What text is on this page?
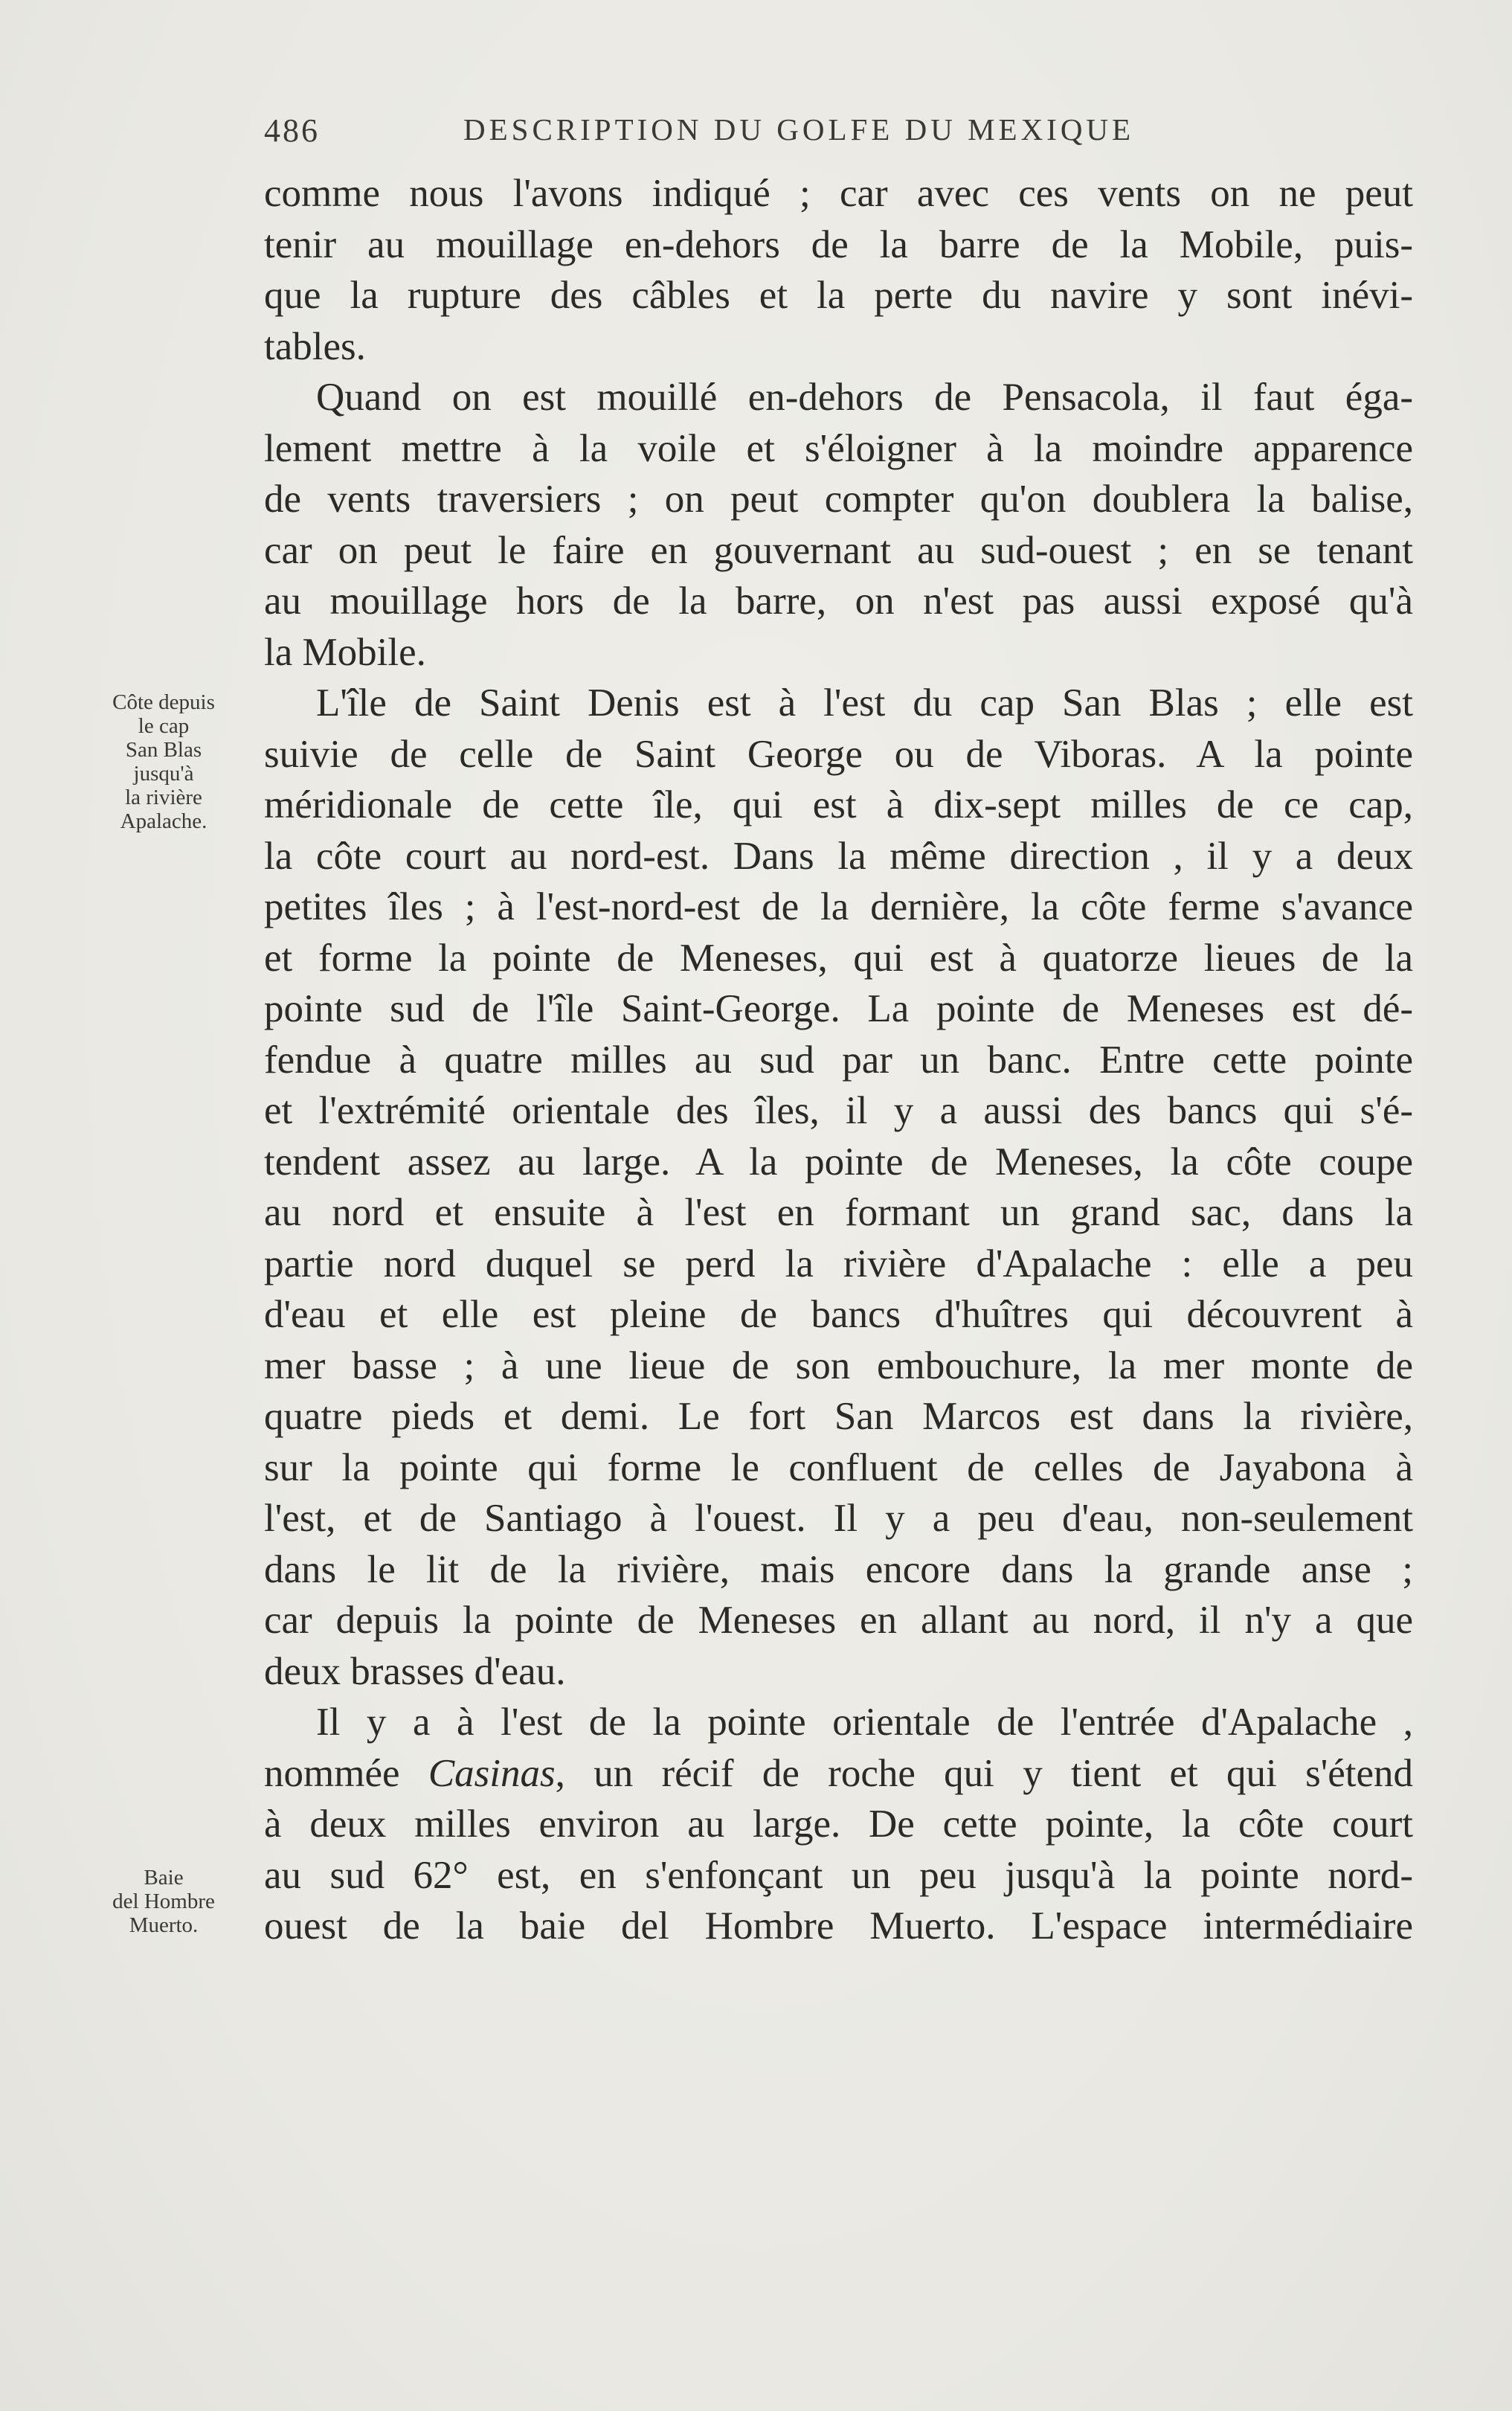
486	DESCRIPTION DU GOLFE DU MEXIQUE
Côte depuis
le cap
San Blas
jusqu'à
la rivière
Apalache.
Baie
del Hombre
Muerto.
comme nous l'avons indiqué ; car avec ces vents on ne peut
tenir au mouillage en-dehors de la barre de la Mobile, puis-
que la rupture des câbles et la perte du navire y sont inévi-
tables.
Quand on est mouillé en-dehors de Pensacola, il faut éga-
lement mettre à la voile et s'éloigner à la moindre apparence
de vents traversiers ; on peut compter qu'on doublera la balise,
car on peut le faire en gouvernant au sud-ouest ; en se tenant
au mouillage hors de la barre, on n'est pas aussi exposé qu'à
la Mobile.
L'île de Saint Denis est à l'est du cap San Blas ; elle est
suivie de celle de Saint George ou de Viboras. A la pointe
méridionale de cette île, qui est à dix-sept milles de ce cap,
la côte court au nord-est. Dans la même direction , il y a deux
petites îles ; à l'est-nord-est de la dernière, la côte ferme s'avance
et forme la pointe de Meneses, qui est à quatorze lieues de la
pointe sud de l'île Saint-George. La pointe de Meneses est dé-
fendue à quatre milles au sud par un banc. Entre cette pointe
et l'extrémité orientale des îles, il y a aussi des bancs qui s'é-
tendent assez au large. A la pointe de Meneses, la côte coupe
au nord et ensuite à l'est en formant un grand sac, dans la
partie nord duquel se perd la rivière d'Apalache : elle a peu
d'eau et elle est pleine de bancs d'huîtres qui découvrent à
mer basse ; à une lieue de son embouchure, la mer monte de
quatre pieds et demi. Le fort San Marcos est dans la rivière,
sur la pointe qui forme le confluent de celles de Jayabona à
l'est, et de Santiago à l'ouest. Il y a peu d'eau, non-seulement
dans le lit de la rivière, mais encore dans la grande anse ;
car depuis la pointe de Meneses en allant au nord, il n'y a que
deux brasses d'eau.
Il y a à l'est de la pointe orientale de l'entrée d'Apalache ,
nommée Casinas, un récif de roche qui y tient et qui s'étend
à deux milles environ au large. De cette pointe, la côte court
au sud 62° est, en s'enfonçant un peu jusqu'à la pointe nord-
ouest de la baie del Hombre Muerto. L'espace intermédiaire
